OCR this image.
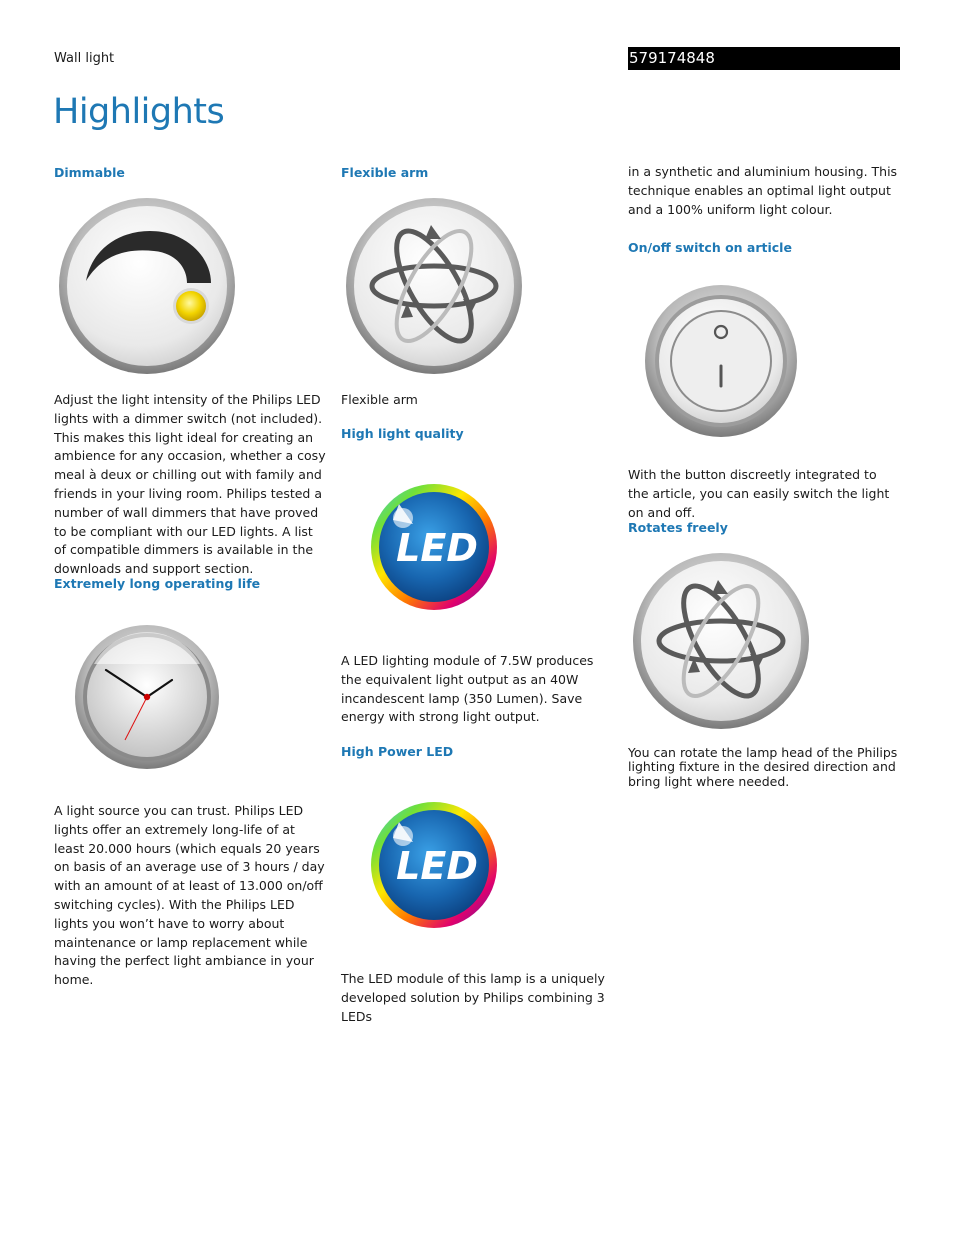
Wall light	579174848
Highlights
Dimmable

Adjust the light intensity of the Philips LED lights with a dimmer switch (not included). This makes this light ideal for creating an ambience for any occasion, whether a cosy meal à deux or chilling out with family and friends in your living room. Philips tested a number of wall dimmers that have proved to be compliant with our LED lights. A list of compatible dimmers is available in the downloads and support section.

Extremely long operating life

A light source you can trust. Philips LED lights offer an extremely long-life of at least 20.000 hours (which equals 20 years on basis of an average use of 3 hours / day with an amount of at least of 13.000 on/off switching cycles). With the Philips LED lights you won’t have to worry about maintenance or lamp replacement while having the perfect light ambiance in your home.

Flexible arm

Flexible arm

High light quality
LED

A LED lighting module of 7.5W produces the equivalent light output as an 40W incandescent lamp (350 Lumen). Save energy with strong light output.

High Power LED
LED

The LED module of this lamp is a uniquely developed solution by Philips combining 3 LEDs

in a synthetic and aluminium housing. This technique enables an optimal light output and a 100% uniform light colour.

On/off switch on article

With the button discreetly integrated to the article, you can easily switch the light on and off.

Rotates freely

You can rotate the lamp head of the Philips lighting fixture in the desired direction and bring light where needed.
